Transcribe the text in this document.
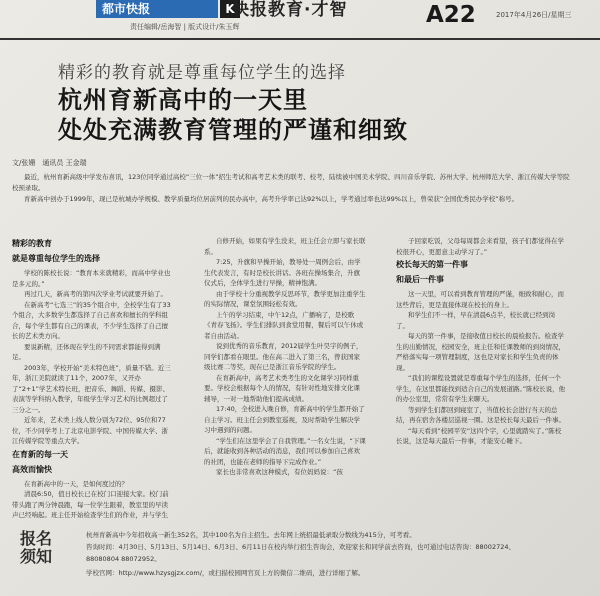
都市快报	K
快报教育·才智
责任编辑/岳海智 | 版式设计/朱玉辉	A22	2017年4月26日/星期三
精彩的教育就是尊重每位学生的选择
杭州育新高中的一天里
处处充满教育管理的严谨和细致
文/张姗　通讯员 王金瑞

最近，杭州育新高级中学发布喜讯，123位同学通过高校“三位一体”招生考试和高考艺术类的联考、校考，陆续被中国美术学院、四川音乐学院、苏州大学、杭州师范大学、浙江传媒大学等院校预录取。

育新高中创办于1999年，现已是杭城办学规模、教学质量均位居前列的民办高中，高考升学率已达92%以上，学考通过率也达99%以上，曾荣获“全国优秀民办学校”称号。

精彩的教育
就是尊重每位学生的选择

学校的陈校长说：“教育本来就精彩，而高中学业也是多元的。”

再过几天，新高考的第四次学业考试就要开始了。

在新高考“七选三”的35个组合中，全校学生有了33个组合，大多数学生都选择了自己喜欢和擅长的学科组合，每个学生都有自己的课表，不少学生选择了自己擅长的艺术类方向。

要说新精，还体现在学生的不同需求都能得到满足。

2003年，学校开始“美术特色班”，质量不错。近三年，浙江美院就读了11个，2007年，又开办了“2+1”学艺术特长班，把音乐、舞蹈、传媒、摄影、表演等学科纳入教学，年级学生学习艺术的比例超过了三分之一。

近年来，艺术类上线人数分别为72位、95位和77位，不少同学考上了北京电影学院、中国传媒大学、浙江传媒学院等重点大学。

在育新的每一天
高效而愉快

在育新高中的一天，是如何度过的？

清晨6:50，值日校长已在校门口迎接大家。校门前带头跑了两分钟晨跑，每一位学生跟着，教室里的早读声已经响起。班主任开始检查学生们的作业，并与学生

自修开始，如果有学生没来，班主任会立即与家长联系。

7:25，升旗和早操开始，教导处一周例会后，由学生代表发言，有时是校长讲话。各班在操场集合，升旗仪式后，全体学生进行早操，精神饱满。

由于学校十分重视教学反思环节，教学更加注重学生的实际情况，课堂氛围轻松有效。

上午的学习结束，中午12点，广播响了，是校歌《青春飞扬》。学生们排队到食堂用餐，餐后可以午休或者自由活动。

说到优秀的音乐教育，2012届学生叶昊宇的例子，同学们都看在眼里。他在高二进入了第三名，曾获国家级比赛二等奖，现在已是浙江音乐学院的学生。

在育新高中，高考艺术类考生的文化课学习同样重要。学校会根据每个人的情况，有针对性地安排文化课辅导，一对一地帮助他们提高成绩。

17:40，全校进入晚自修，育新高中的学生都开始了自主学习。班主任会到教室巡视，及时帮助学生解决学习中遇到的问题。

“学生们在这里学会了自我管理。”一名女生说，“下课后，就能收到各种活动的消息，我们可以参加自己喜欢的社团，也能在老师的指导下完成作业。”

家长也非常喜欢这种模式，有位妈妈说：“孩

子回家吃饭，父母每周都会来看望，孩子们都觉得在学校很开心，更愿意主动学习了。”

校长每天的第一件事
和最后一件事

这一天里，可以看到教育管理的严谨，细致和耐心，而这些背后，更是直接体现在校长的身上。

和学生们不一样，早在清晨6点半，校长就已经到岗了。

每天的第一件事，是接收值日校长的晨检报告。检查学生的出勤情况，校园安全，班主任和任课教师的到岗情况，严格落实每一项管理制度，这也是对家长和学生负责的体现。

“我们的课程设置就是尊重每个学生的选择，任何一个学生，在这里都能找到适合自己的发展道路。”陈校长说，他的办公室里，常常有学生来聊天。

等到学生们都回到寝室了，当值校长会进行当天的总结，再在宿舍各楼层巡视一圈。这是校长每天最后一件事。

“每天看到”校园平安“这四个字，心里就踏实了。”陈校长说，这是每天最后一件事，才能安心睡下。

报名
须知
杭州育新高中今年招收高一新生352名，其中100名为自主招生。去年网上统招最低录取分数线为415分，可考看。
咨询时间：4月30日、5月13日、5月14日、6月3日、6月11日在校内举行招生咨询会，欢迎家长和同学前去咨询，也可通过电话咨询：88002724、
88080804 88072952。
学校官网：http://www.hzysgjzx.com/，或扫描校园网官页上方的微信二维码，进行详细了解。
